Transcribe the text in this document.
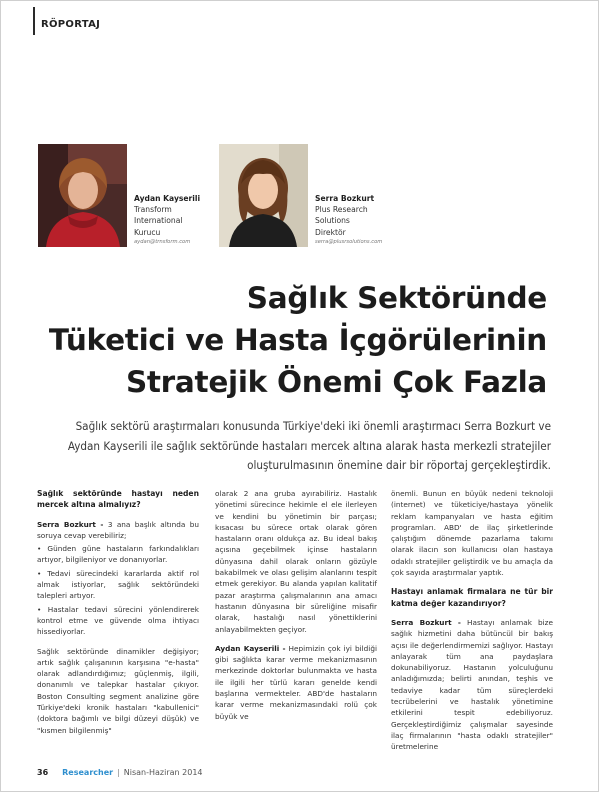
RÖPORTAJ
Aydan Kayserili
Transform
International
Kurucu
aydan@trnsform.com
Serra Bozkurt
Plus Research
Solutions
Direktör
serra@plusrsolutions.com
Sağlık Sektöründe
Tüketici ve Hasta İçgörülerinin
Stratejik Önemi Çok Fazla
Sağlık sektörü araştırmaları konusunda Türkiye'deki iki önemli araştırmacı Serra Bozkurt ve Aydan Kayserili ile sağlık sektöründe hastaları mercek altına alarak hasta merkezli stratejiler oluşturulmasının önemine dair bir röportaj gerçekleştirdik.

Sağlık sektöründe hastayı neden mercek altına almalıyız?

Serra Bozkurt - 3 ana başlık altında bu soruya cevap verebiliriz;

• Günden güne hastaların farkındalıkları artıyor, bilgileniyor ve donanıyorlar.

• Tedavi sürecindeki kararlarda aktif rol almak istiyorlar, sağlık sektöründeki talepleri artıyor.

• Hastalar tedavi sürecini yönlendirerek kontrol etme ve güvende olma ihtiyacı hissediyorlar.

Sağlık sektöründe dinamikler değişiyor; artık sağlık çalışanının karşısına "e-hasta" olarak adlandırdığımız; güçlenmiş, ilgili, donanımlı ve talepkar hastalar çıkıyor. Boston Consulting segment analizine göre Türkiye'deki kronik hastaları "kabullenici" (doktora bağımlı ve bilgi düzeyi düşük) ve "kısmen bilgilenmiş"

olarak 2 ana gruba ayırabiliriz. Hastalık yönetimi sürecince hekimle el ele ilerleyen ve kendini bu yönetimin bir parçası; kısacası bu sürece ortak olarak gören hastaların oranı oldukça az. Bu ideal bakış açısına geçebilmek içinse hastaların dünyasına dahil olarak onların gözüyle bakabilmek ve olası gelişim alanlarını tespit etmek gerekiyor. Bu alanda yapılan kalitatif pazar araştırma çalışmalarının ana amacı hastanın dünyasına bir süreliğine misafir olarak, hastalığı nasıl yönettiklerini anlayabilmekten geçiyor.

Aydan Kayserili - Hepimizin çok iyi bildiği gibi sağlıkta karar verme mekanizmasının merkezinde doktorlar bulunmakta ve hasta ile ilgili her türlü kararı genelde kendi başlarına vermekteler. ABD'de hastaların karar verme mekanizmasındaki rolü çok büyük ve

önemli. Bunun en büyük nedeni teknoloji (internet) ve tüketiciye/hastaya yönelik reklam kampanyaları ve hasta eğitim programları. ABD' de ilaç şirketlerinde çalıştığım dönemde pazarlama takımı olarak ilacın son kullanıcısı olan hastaya odaklı stratejiler geliştirdik ve bu amaçla da çok sayıda araştırmalar yaptık.

Hastayı anlamak firmalara ne tür bir katma değer kazandırıyor?

Serra Bozkurt - Hastayı anlamak bize sağlık hizmetini daha bütüncül bir bakış açısı ile değerlendirmemizi sağlıyor. Hastayı anlayarak tüm ana paydaşlara dokunabiliyoruz. Hastanın yolculuğunu anladığımızda; belirti anından, teşhis ve tedaviye kadar tüm süreçlerdeki tecrübelerini ve hastalık yönetimine etkilerini tespit edebiliyoruz. Gerçekleştirdiğimiz çalışmalar sayesinde ilaç firmalarının "hasta odaklı stratejiler" üretmelerine

36 Researcher | Nisan-Haziran 2014
